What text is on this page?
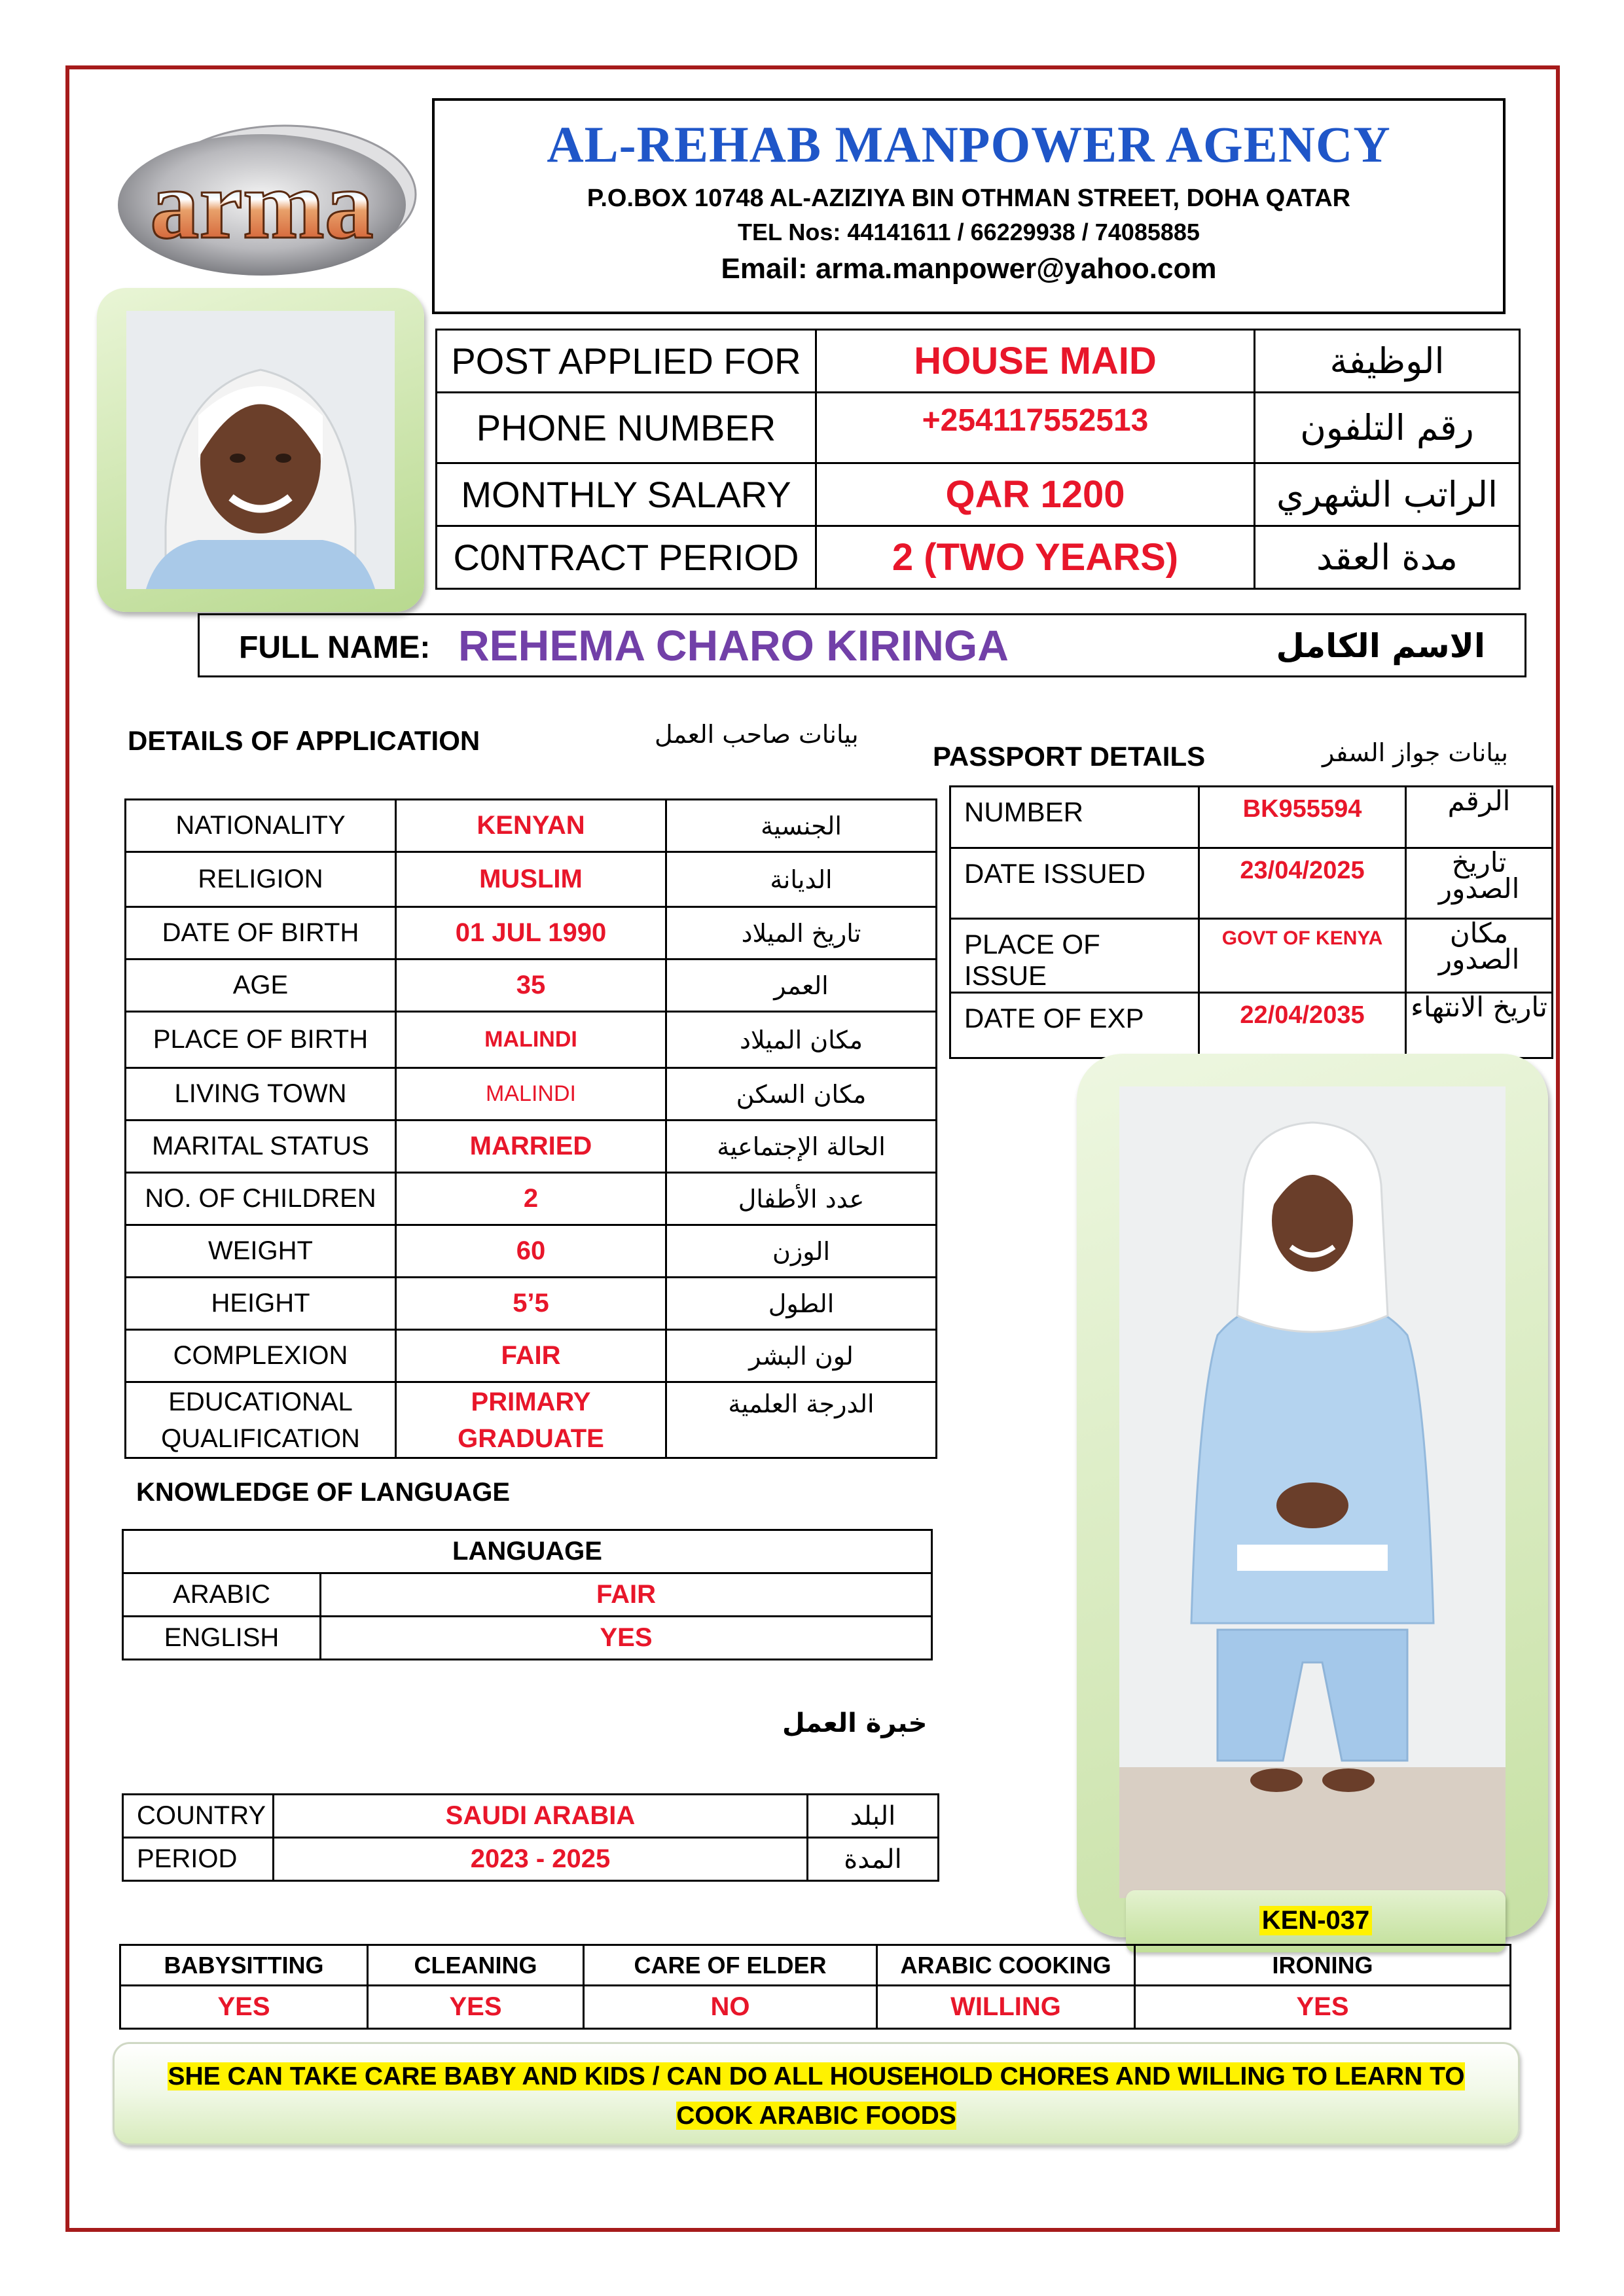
arma
AL-REHAB MANPOWER AGENCY
P.O.BOX 10748 AL-AZIZIYA BIN OTHMAN STREET, DOHA QATAR
TEL Nos: 44141611 / 66229938 / 74085885
Email: arma.manpower@yahoo.com
POST APPLIED FOR	HOUSE MAID	الوظيفة
PHONE NUMBER	+254117552513	رقم التلفون
MONTHLY SALARY	QAR 1200	الراتب الشهري
C0NTRACT PERIOD	2 (TWO YEARS)	مدة العقد
FULL NAME: REHEMA CHARO KIRINGA	الاسم الكامل
DETAILS OF APPLICATION	بيانات صاحب العمل
PASSPORT DETAILS	بيانات جواز السفر
NATIONALITY	KENYAN	الجنسية
RELIGION	MUSLIM	الديانة
DATE OF BIRTH	01 JUL 1990	تاريخ الميلاد
AGE	35	العمر
PLACE OF BIRTH	MALINDI	مكان الميلاد
LIVING TOWN	MALINDI	مكان السكن
MARITAL STATUS	MARRIED	الحالة الإجتماعية
NO. OF CHILDREN	2	عدد الأطفال
WEIGHT	60	الوزن
HEIGHT	5’5	الطول
COMPLEXION	FAIR	لون البشر
EDUCATIONAL QUALIFICATION	PRIMARY GRADUATE	الدرجة العلمية
NUMBER	BK955594	الرقم
DATE ISSUED	23/04/2025	تاريخ الصدور
PLACE OF ISSUE	GOVT OF KENYA	مكان الصدور
DATE OF EXP	22/04/2035	تاريخ الانتهاء
KNOWLEDGE OF LANGUAGE
LANGUAGE	
ARABIC	FAIR
ENGLISH	YES
خبرة العمل
COUNTRY	SAUDI ARABIA	البلد
PERIOD	2023 - 2025	المدة
KEN-037
BABYSITTING	CLEANING	CARE OF ELDER	ARABIC COOKING	IRONING
YES	YES	NO	WILLING	YES
SHE CAN TAKE CARE BABY AND KIDS / CAN DO ALL HOUSEHOLD CHORES AND WILLING TO LEARN TO COOK ARABIC FOODS
